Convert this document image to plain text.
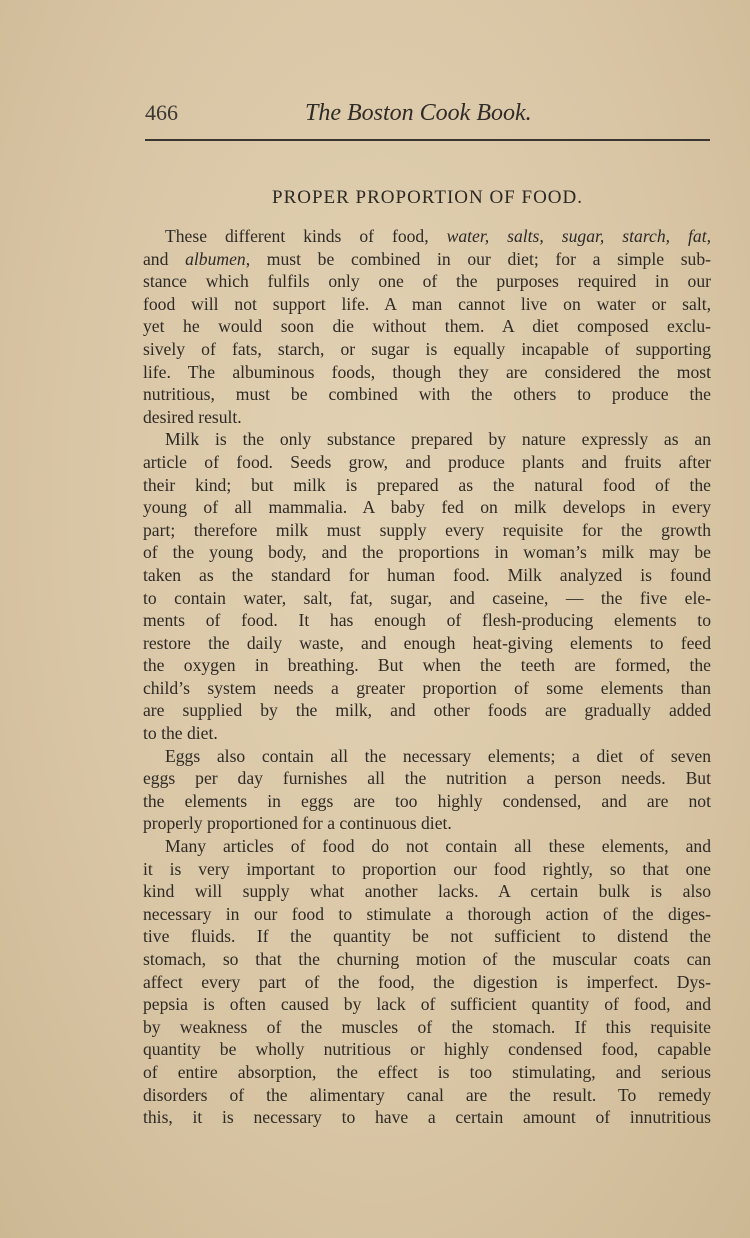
466	The Boston Cook Book.
PROPER PROPORTION OF FOOD.
These different kinds of food, water, salts, sugar, starch, fat,
and albumen, must be combined in our diet; for a simple sub-
stance which fulfils only one of the purposes required in our
food will not support life. A man cannot live on water or salt,
yet he would soon die without them. A diet composed exclu-
sively of fats, starch, or sugar is equally incapable of supporting
life. The albuminous foods, though they are considered the most
nutritious, must be combined with the others to produce the
desired result.
Milk is the only substance prepared by nature expressly as an
article of food. Seeds grow, and produce plants and fruits after
their kind; but milk is prepared as the natural food of the
young of all mammalia. A baby fed on milk develops in every
part; therefore milk must supply every requisite for the growth
of the young body, and the proportions in woman’s milk may be
taken as the standard for human food. Milk analyzed is found
to contain water, salt, fat, sugar, and caseine, — the five ele-
ments of food. It has enough of flesh-producing elements to
restore the daily waste, and enough heat-giving elements to feed
the oxygen in breathing. But when the teeth are formed, the
child’s system needs a greater proportion of some elements than
are supplied by the milk, and other foods are gradually added
to the diet.
Eggs also contain all the necessary elements; a diet of seven
eggs per day furnishes all the nutrition a person needs. But
the elements in eggs are too highly condensed, and are not
properly proportioned for a continuous diet.
Many articles of food do not contain all these elements, and
it is very important to proportion our food rightly, so that one
kind will supply what another lacks. A certain bulk is also
necessary in our food to stimulate a thorough action of the diges-
tive fluids. If the quantity be not sufficient to distend the
stomach, so that the churning motion of the muscular coats can
affect every part of the food, the digestion is imperfect. Dys-
pepsia is often caused by lack of sufficient quantity of food, and
by weakness of the muscles of the stomach. If this requisite
quantity be wholly nutritious or highly condensed food, capable
of entire absorption, the effect is too stimulating, and serious
disorders of the alimentary canal are the result. To remedy
this, it is necessary to have a certain amount of innutritious
